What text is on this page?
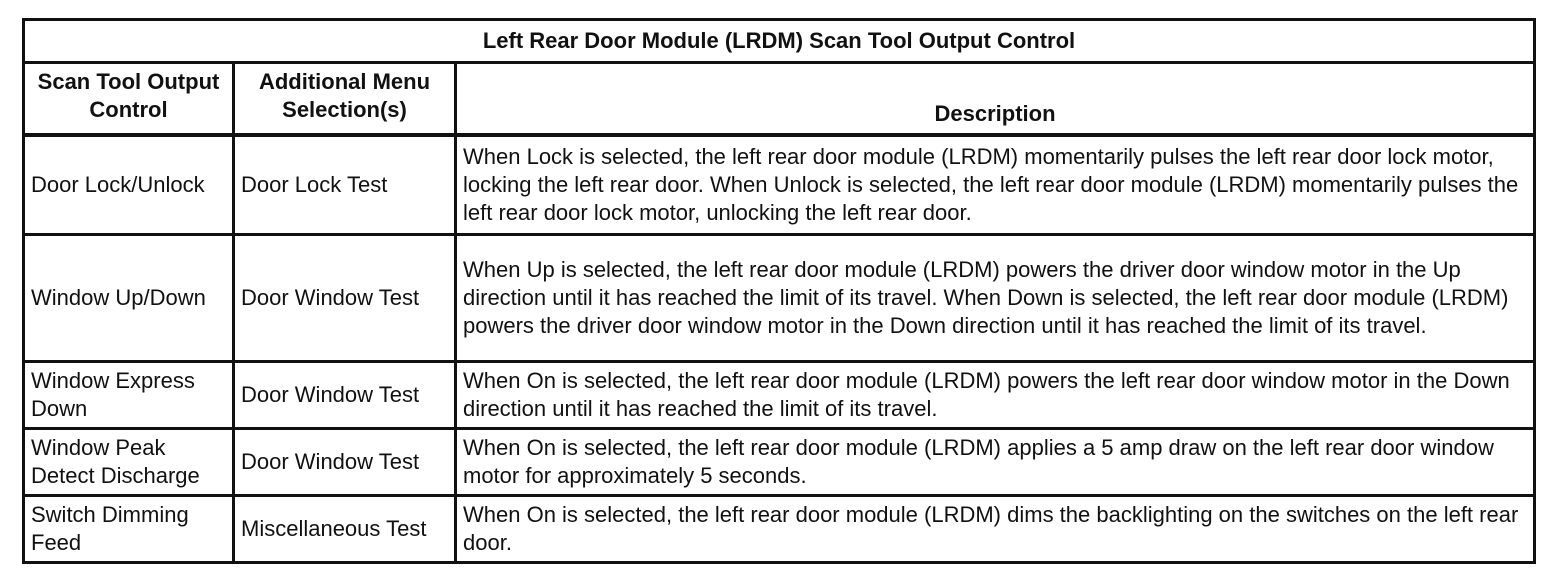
Left Rear Door Module (LRDM) Scan Tool Output Control		
Scan Tool Output Control	Additional Menu Selection(s)	Description
Door Lock/Unlock	Door Lock Test	When Lock is selected, the left rear door module (LRDM) momentarily pulses the left rear door lock motor, locking the left rear door. When Unlock is selected, the left rear door module (LRDM) momentarily pulses the left rear door lock motor, unlocking the left rear door.
Window Up/Down	Door Window Test	When Up is selected, the left rear door module (LRDM) powers the driver door window motor in the Up direction until it has reached the limit of its travel. When Down is selected, the left rear door module (LRDM) powers the driver door window motor in the Down direction until it has reached the limit of its travel.
Window Express Down	Door Window Test	When On is selected, the left rear door module (LRDM) powers the left rear door window motor in the Down direction until it has reached the limit of its travel.
Window Peak Detect Discharge	Door Window Test	When On is selected, the left rear door module (LRDM) applies a 5 amp draw on the left rear door window motor for approximately 5 seconds.
Switch Dimming Feed	Miscellaneous Test	When On is selected, the left rear door module (LRDM) dims the backlighting on the switches on the left rear door.
